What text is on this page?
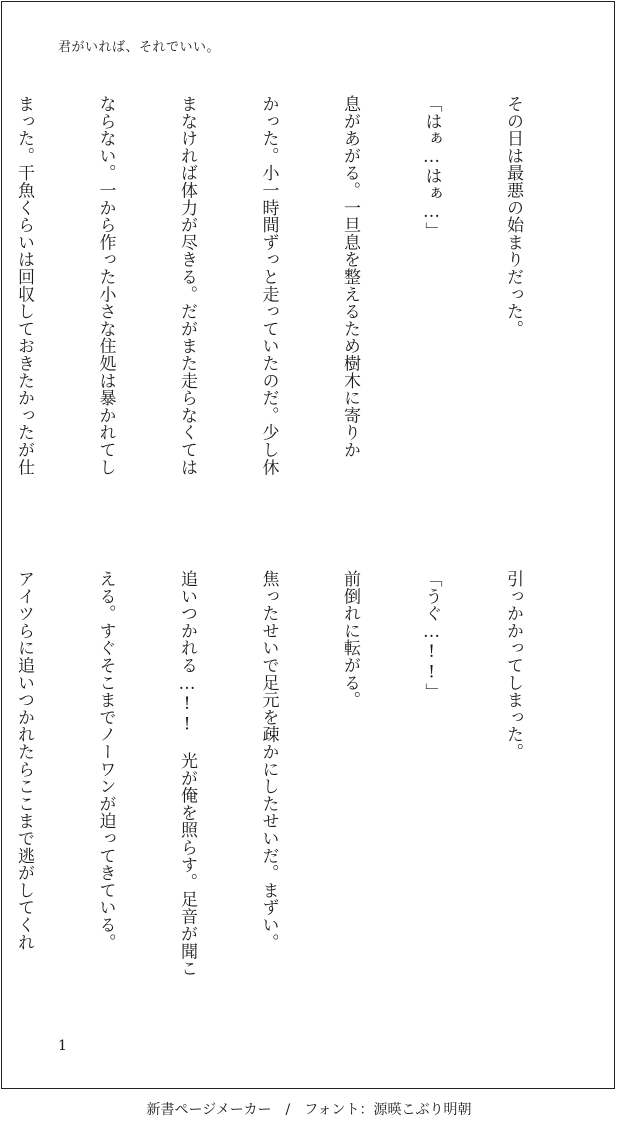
君がいれば、それでいい。

その日は最悪の始まりだった。

「はぁ…はぁ…」

息があがる。一旦息を整えるため樹木に寄りか

かった。小一時間ずっと走っていたのだ。少し休

まなければ体力が尽きる。だがまた走らなくては

ならない。一から作った小さな住処は暴かれてし

まった。干魚くらいは回収しておきたかったが仕

引っかかってしまった。

「うぐ…!!」

前倒れに転がる。

焦ったせいで足元を疎かにしたせいだ。まずい。

追いつかれる…!!　光が俺を照らす。足音が聞こ

える。すぐそこまでノーワンが迫ってきている。

アイツらに追いつかれたらここまで逃がしてくれ

1
新書ページメーカー / フォント：源暎こぶり明朝
